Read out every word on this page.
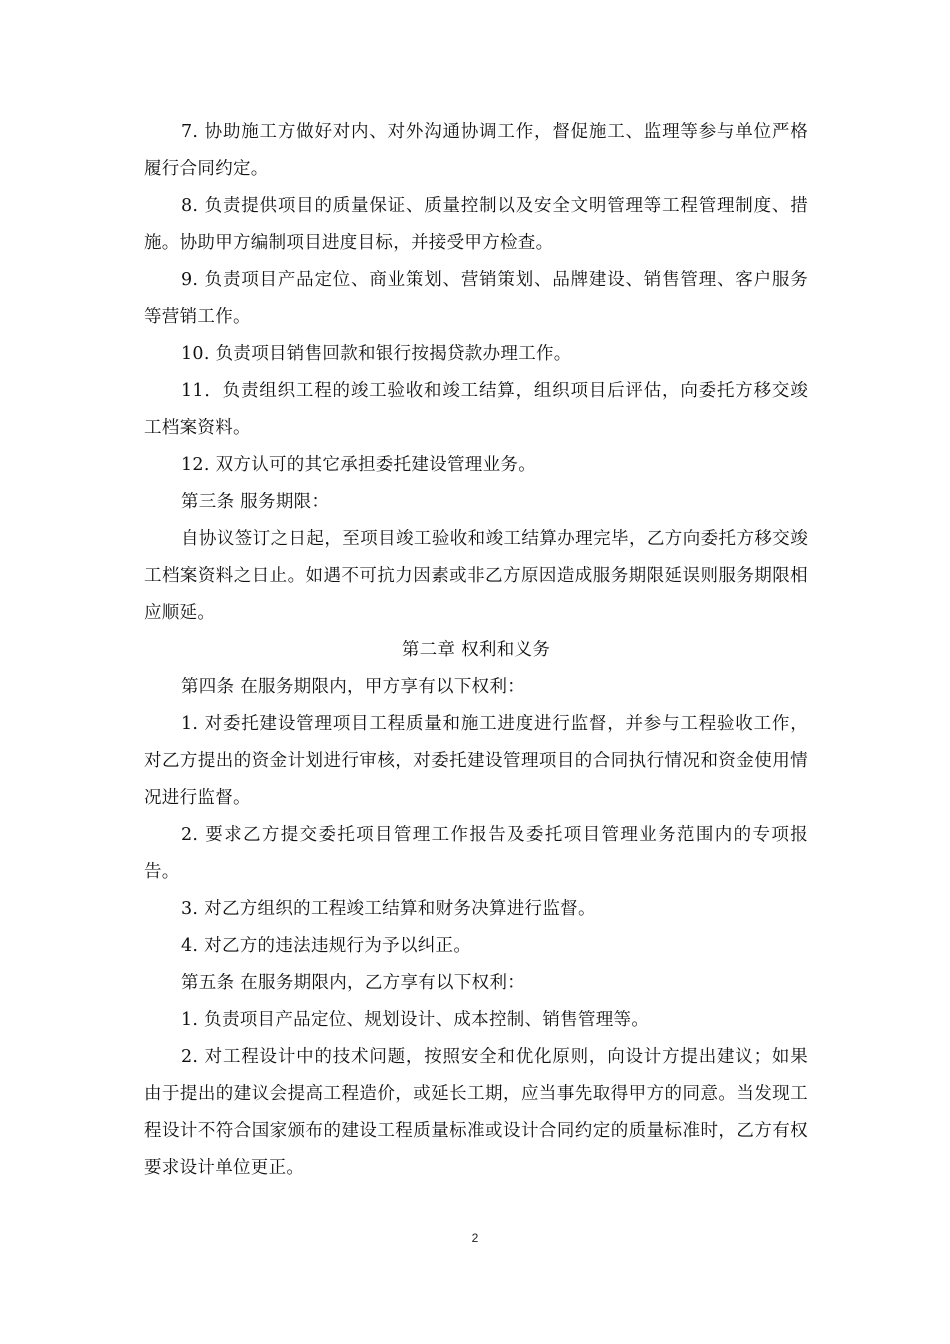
7. 协助施工方做好对内、对外沟通协调工作，督促施工、监理等参与单位严格履行合同约定。

8. 负责提供项目的质量保证、质量控制以及安全文明管理等工程管理制度、措施。协助甲方编制项目进度目标，并接受甲方检查。

9. 负责项目产品定位、商业策划、营销策划、品牌建设、销售管理、客户服务等营销工作。

10. 负责项目销售回款和银行按揭贷款办理工作。

11．负责组织工程的竣工验收和竣工结算，组织项目后评估，向委托方移交竣工档案资料。

12. 双方认可的其它承担委托建设管理业务。

第三条 服务期限：

自协议签订之日起，至项目竣工验收和竣工结算办理完毕，乙方向委托方移交竣工档案资料之日止。如遇不可抗力因素或非乙方原因造成服务期限延误则服务期限相应顺延。

第二章 权利和义务

第四条 在服务期限内，甲方享有以下权利：

1. 对委托建设管理项目工程质量和施工进度进行监督，并参与工程验收工作，对乙方提出的资金计划进行审核，对委托建设管理项目的合同执行情况和资金使用情况进行监督。

2. 要求乙方提交委托项目管理工作报告及委托项目管理业务范围内的专项报告。

3. 对乙方组织的工程竣工结算和财务决算进行监督。

4. 对乙方的违法违规行为予以纠正。

第五条 在服务期限内，乙方享有以下权利：

1. 负责项目产品定位、规划设计、成本控制、销售管理等。

2. 对工程设计中的技术问题，按照安全和优化原则，向设计方提出建议；如果由于提出的建议会提高工程造价，或延长工期，应当事先取得甲方的同意。当发现工程设计不符合国家颁布的建设工程质量标准或设计合同约定的质量标准时，乙方有权要求设计单位更正。

2
